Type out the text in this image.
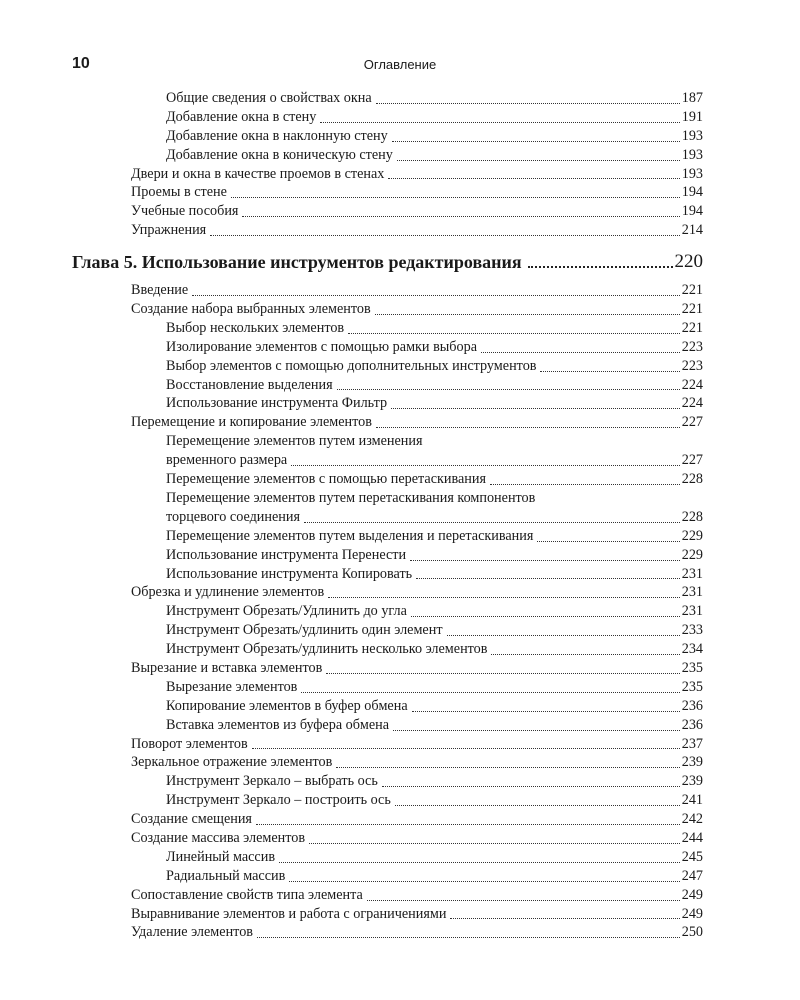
10	Оглавление
Общие сведения о свойствах окна	187
Добавление окна в стену	191
Добавление окна в наклонную стену	193
Добавление окна в коническую стену	193
Двери и окна в качестве проемов в стенах	193
Проемы в стене	194
Учебные пособия	194
Упражнения	214
Глава 5. Использование инструментов редактирования	220
Введение	221
Создание набора выбранных элементов	221
Выбор нескольких элементов	221
Изолирование элементов с помощью рамки выбора	223
Выбор элементов с помощью дополнительных инструментов	223
Восстановление выделения	224
Использование инструмента Фильтр	224
Перемещение и копирование элементов	227
Перемещение элементов путем изменения
временного размера	227
Перемещение элементов с помощью перетаскивания	228
Перемещение элементов путем перетаскивания компонентов
торцевого соединения	228
Перемещение элементов путем выделения и перетаскивания	229
Использование инструмента Перенести	229
Использование инструмента Копировать	231
Обрезка и удлинение элементов	231
Инструмент Обрезать/Удлинить до угла	231
Инструмент Обрезать/удлинить один элемент	233
Инструмент Обрезать/удлинить несколько элементов	234
Вырезание и вставка элементов	235
Вырезание элементов	235
Копирование элементов в буфер обмена	236
Вставка элементов из буфера обмена	236
Поворот элементов	237
Зеркальное отражение элементов	239
Инструмент Зеркало – выбрать ось	239
Инструмент Зеркало – построить ось	241
Создание смещения	242
Создание массива элементов	244
Линейный массив	245
Радиальный массив	247
Сопоставление свойств типа элемента	249
Выравнивание элементов и работа с ограничениями	249
Удаление элементов	250
